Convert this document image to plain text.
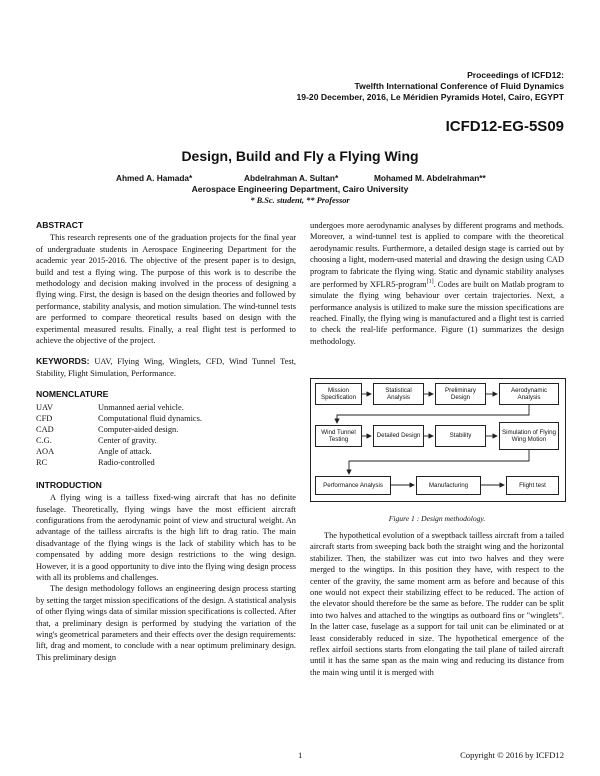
Proceedings of ICFD12:
Twelfth International Conference of Fluid Dynamics
19-20 December, 2016, Le Méridien Pyramids Hotel, Cairo, EGYPT
ICFD12-EG-5S09
Design, Build and Fly a Flying Wing
Ahmed A. Hamada*	Abdelrahman A. Sultan*	Mohamed M. Abdelrahman**
Aerospace Engineering Department, Cairo University
* B.Sc. student, ** Professor
ABSTRACT

This research represents one of the graduation projects for the final year of undergraduate students in Aerospace Engineering Department for the academic year 2015-2016. The objective of the present paper is to design, build and test a flying wing. The purpose of this work is to describe the methodology and decision making involved in the process of designing a flying wing. First, the design is based on the design theories and followed by performance, stability analysis, and motion simulation. The wind-tunnel tests are performed to compare theoretical results based on design with the experimental measured results. Finally, a real flight test is performed to achieve the objective of the project.

KEYWORDS: UAV, Flying Wing, Winglets, CFD, Wind Tunnel Test, Stability, Flight Simulation, Performance.

NOMENCLATURE
UAV	Unmanned aerial vehicle.
CFD	Computational fluid dynamics.
CAD	Computer-aided design.
C.G.	Center of gravity.
AOA	Angle of attack.
RC	Radio-controlled
INTRODUCTION

A flying wing is a tailless fixed-wing aircraft that has no definite fuselage. Theoretically, flying wings have the most efficient aircraft configurations from the aerodynamic point of view and structural weight. An advantage of the tailless aircrafts is the high lift to drag ratio. The main disadvantage of the flying wings is the lack of stability which has to be compensated by adding more design restrictions to the wing design. However, it is a good opportunity to dive into the flying wing design process with all its problems and challenges.

The design methodology follows an engineering design process starting by setting the target mission specifications of the design. A statistical analysis of other flying wings data of similar mission specifications is collected. After that, a preliminary design is performed by studying the variation of the wing's geometrical parameters and their effects over the design requirements: lift, drag and moment, to conclude with a near optimum preliminary design. This preliminary design

undergoes more aerodynamic analyses by different programs and methods. Moreover, a wind-tunnel test is applied to compare with the theoretical aerodynamic results. Furthermore, a detailed design stage is carried out by choosing a light, modern-used material and drawing the design using CAD program to fabricate the flying wing. Static and dynamic stability analyses are performed by XFLR5-program[1]. Codes are built on Matlab program to simulate the flying wing behaviour over certain trajectories. Next, a performance analysis is utilized to make sure the mission specifications are reached. Finally, the flying wing is manufactured and a flight test is carried to check the real-life performance. Figure (1) summarizes the design methodology.

Mission Specification
Statistical Analysis
Preliminary Design
Aerodynamic Analysis
Wind Tunnel Testing
Detailed Design	Stability
Simulation of Flying Wing Motion
Performance Analysis	Manufacturing	Flight test
Figure 1 : Design methodology.

The hypothetical evolution of a sweptback tailless aircraft from a tailed aircraft starts from sweeping back both the straight wing and the horizontal stabilizer. Then, the stabilizer was cut into two halves and they were merged to the wingtips. In this position they have, with respect to the center of the gravity, the same moment arm as before and because of this one would not expect their stabilizing effect to be reduced. The action of the elevator should therefore be the same as before. The rudder can be split into two halves and attached to the wingtips as outboard fins or "winglets". In the latter case, fuselage as a support for tail unit can be eliminated or at least considerably reduced in size. The hypothetical emergence of the reflex airfoil sections starts from elongating the tail plane of tailed aircraft until it has the same span as the main wing and reducing its distance from the main wing until it is merged with

1	Copyright © 2016 by ICFD12
